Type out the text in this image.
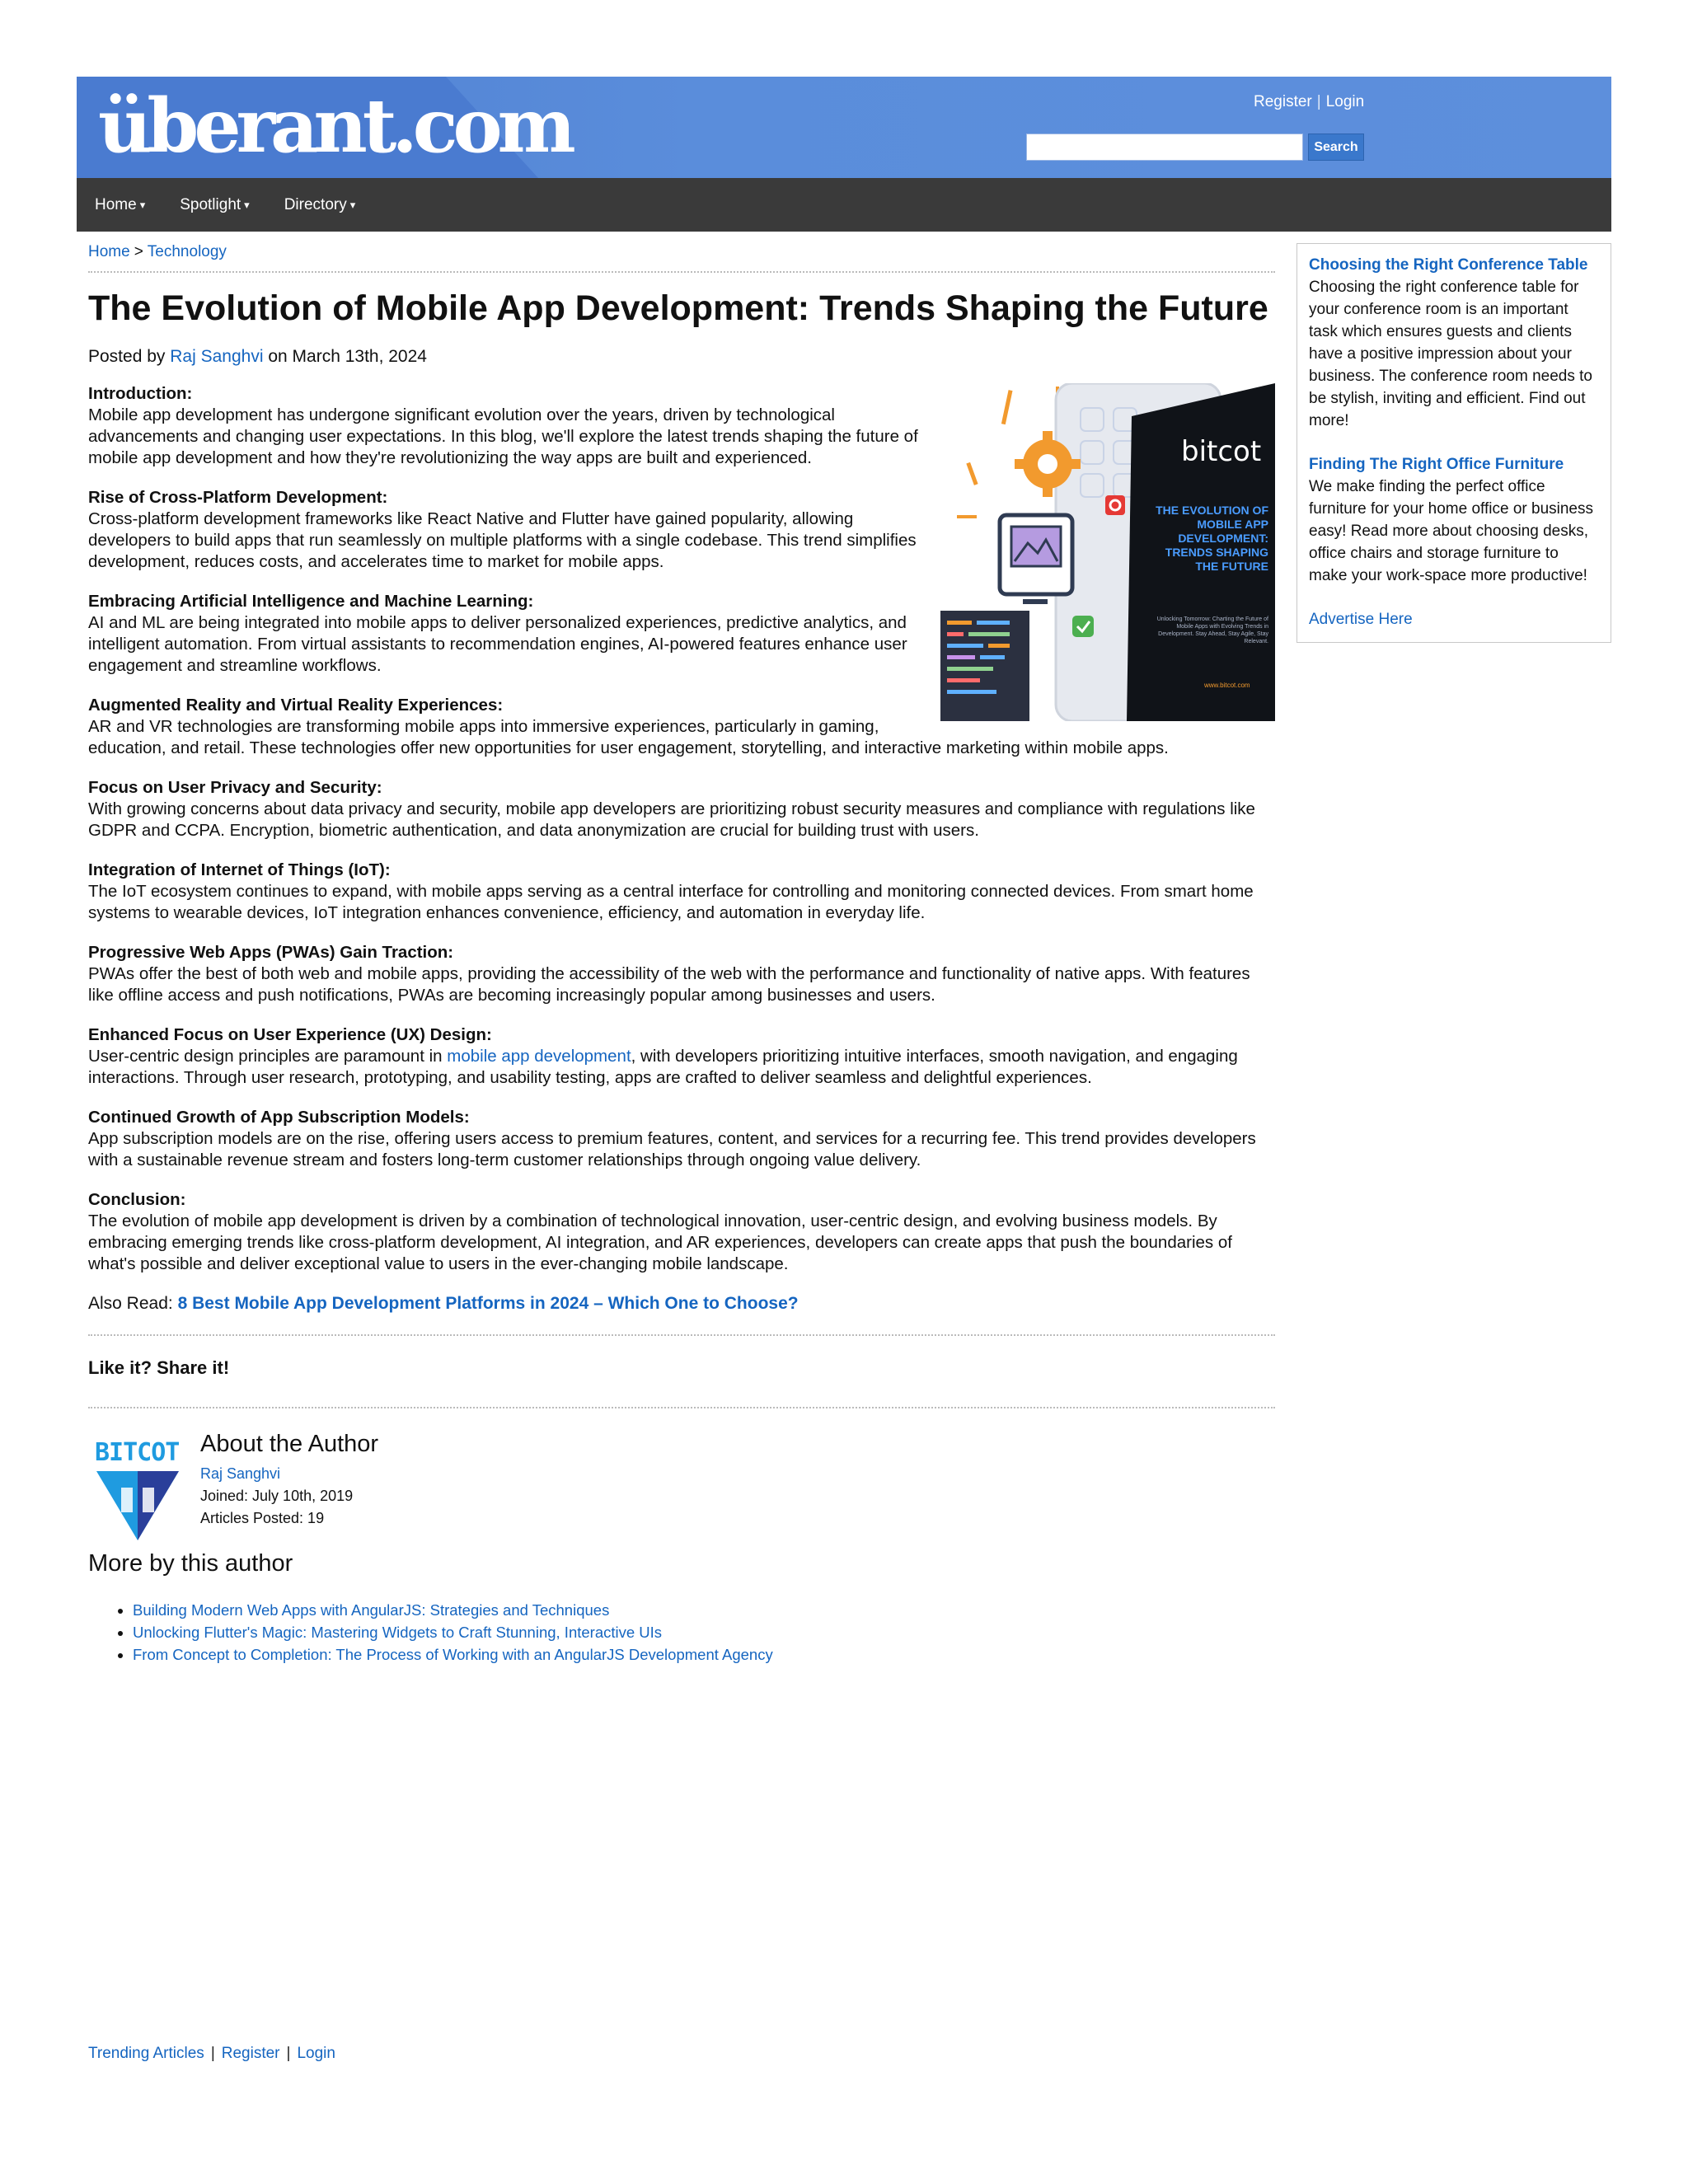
überant.com	Register | Login
Search
Home ▾ Spotlight ▾ Directory ▾
Home > Technology
The Evolution of Mobile App Development: Trends Shaping the Future
Posted by Raj Sanghvi on March 13th, 2024
bitcot
THE EVOLUTION OF MOBILE APP DEVELOPMENT: TRENDS SHAPING THE FUTURE
Unlocking Tomorrow: Charting the Future of Mobile Apps with Evolving Trends in Development. Stay Ahead, Stay Agile, Stay Relevant.
www.bitcot.com
Introduction:
Mobile app development has undergone significant evolution over the years, driven by technological advancements and changing user expectations. In this blog, we'll explore the latest trends shaping the future of mobile app development and how they're revolutionizing the way apps are built and experienced.
Rise of Cross-Platform Development:
Cross-platform development frameworks like React Native and Flutter have gained popularity, allowing developers to build apps that run seamlessly on multiple platforms with a single codebase. This trend simplifies development, reduces costs, and accelerates time to market for mobile apps.
Embracing Artificial Intelligence and Machine Learning:
AI and ML are being integrated into mobile apps to deliver personalized experiences, predictive analytics, and intelligent automation. From virtual assistants to recommendation engines, AI-powered features enhance user engagement and streamline workflows.
Augmented Reality and Virtual Reality Experiences:
AR and VR technologies are transforming mobile apps into immersive experiences, particularly in gaming, education, and retail. These technologies offer new opportunities for user engagement, storytelling, and interactive marketing within mobile apps.
Focus on User Privacy and Security:
With growing concerns about data privacy and security, mobile app developers are prioritizing robust security measures and compliance with regulations like GDPR and CCPA. Encryption, biometric authentication, and data anonymization are crucial for building trust with users.
Integration of Internet of Things (IoT):
The IoT ecosystem continues to expand, with mobile apps serving as a central interface for controlling and monitoring connected devices. From smart home systems to wearable devices, IoT integration enhances convenience, efficiency, and automation in everyday life.
Progressive Web Apps (PWAs) Gain Traction:
PWAs offer the best of both web and mobile apps, providing the accessibility of the web with the performance and functionality of native apps. With features like offline access and push notifications, PWAs are becoming increasingly popular among businesses and users.
Enhanced Focus on User Experience (UX) Design:
User-centric design principles are paramount in mobile app development, with developers prioritizing intuitive interfaces, smooth navigation, and engaging interactions. Through user research, prototyping, and usability testing, apps are crafted to deliver seamless and delightful experiences.
Continued Growth of App Subscription Models:
App subscription models are on the rise, offering users access to premium features, content, and services for a recurring fee. This trend provides developers with a sustainable revenue stream and fosters long-term customer relationships through ongoing value delivery.
Conclusion:
The evolution of mobile app development is driven by a combination of technological innovation, user-centric design, and evolving business models. By embracing emerging trends like cross-platform development, AI integration, and AR experiences, developers can create apps that push the boundaries of what's possible and deliver exceptional value to users in the ever-changing mobile landscape.
Also Read: 8 Best Mobile App Development Platforms in 2024 – Which One to Choose?
Like it? Share it!
BITCOT About the Author
Raj Sanghvi
Joined: July 10th, 2019
Articles Posted: 19
More by this author
• Building Modern Web Apps with AngularJS: Strategies and Techniques
• Unlocking Flutter's Magic: Mastering Widgets to Craft Stunning, Interactive UIs
• From Concept to Completion: The Process of Working with an AngularJS Development Agency
Choosing the Right Conference Table
Choosing the right conference table for your conference room is an important task which ensures guests and clients have a positive impression about your business. The conference room needs to be stylish, inviting and efficient. Find out more!
Finding The Right Office Furniture
We make finding the perfect office furniture for your home office or business easy! Read more about choosing desks, office chairs and storage furniture to make your work-space more productive!
Advertise Here
Trending Articles | Register | Login
